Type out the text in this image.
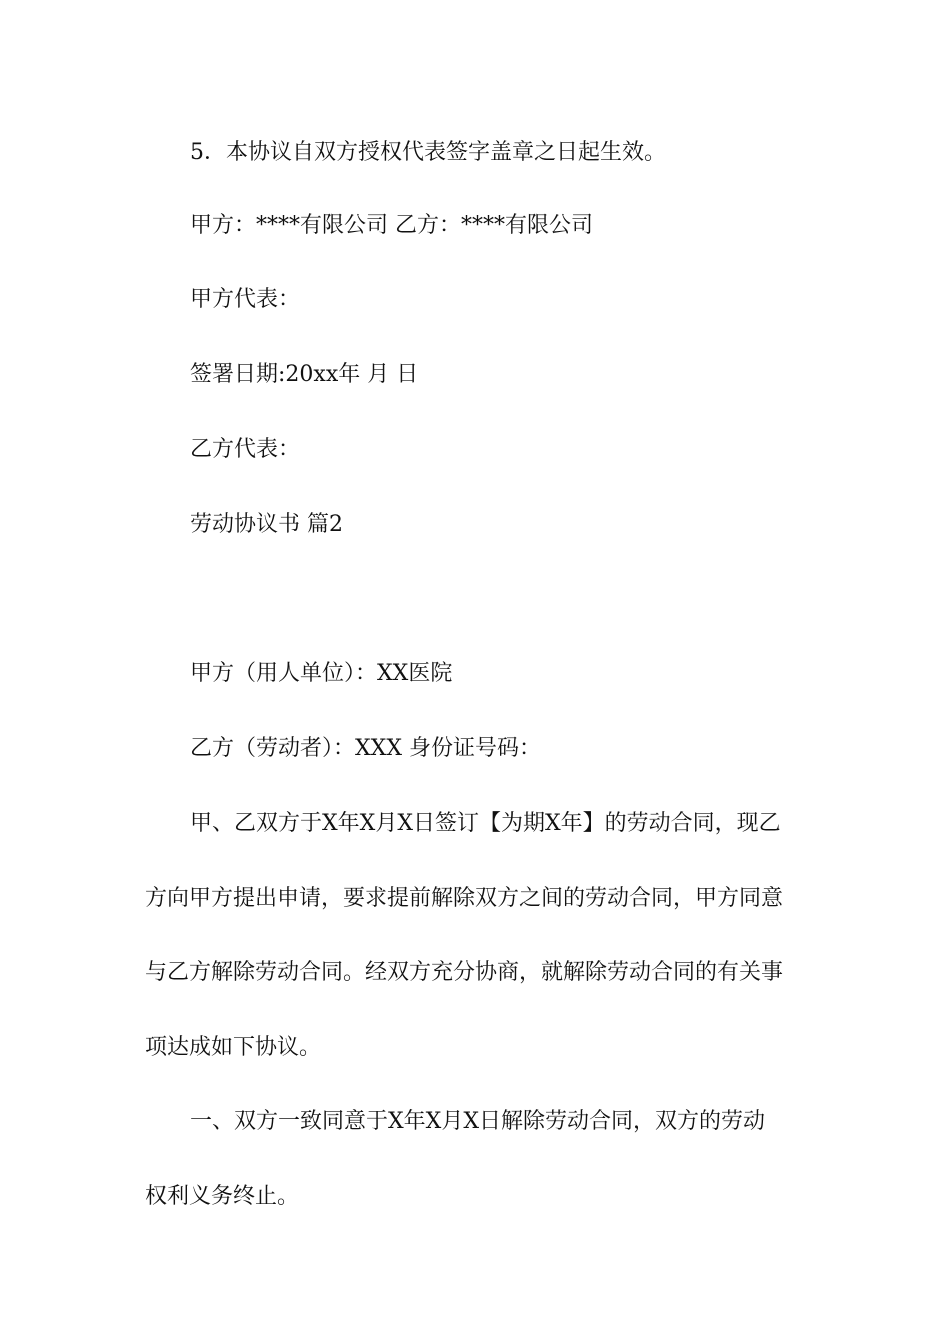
5．本协议自双方授权代表签字盖章之日起生效。
甲方：****有限公司 乙方：****有限公司
甲方代表：
签署日期:20xx年 月 日
乙方代表：
劳动协议书 篇2
甲方（用人单位）：XX医院
乙方（劳动者）：XXX 身份证号码：
甲、乙双方于X年X月X日签订【为期X年】的劳动合同，现乙
方向甲方提出申请，要求提前解除双方之间的劳动合同，甲方同意
与乙方解除劳动合同。经双方充分协商，就解除劳动合同的有关事
项达成如下协议。
一、双方一致同意于X年X月X日解除劳动合同，双方的劳动
权利义务终止。
